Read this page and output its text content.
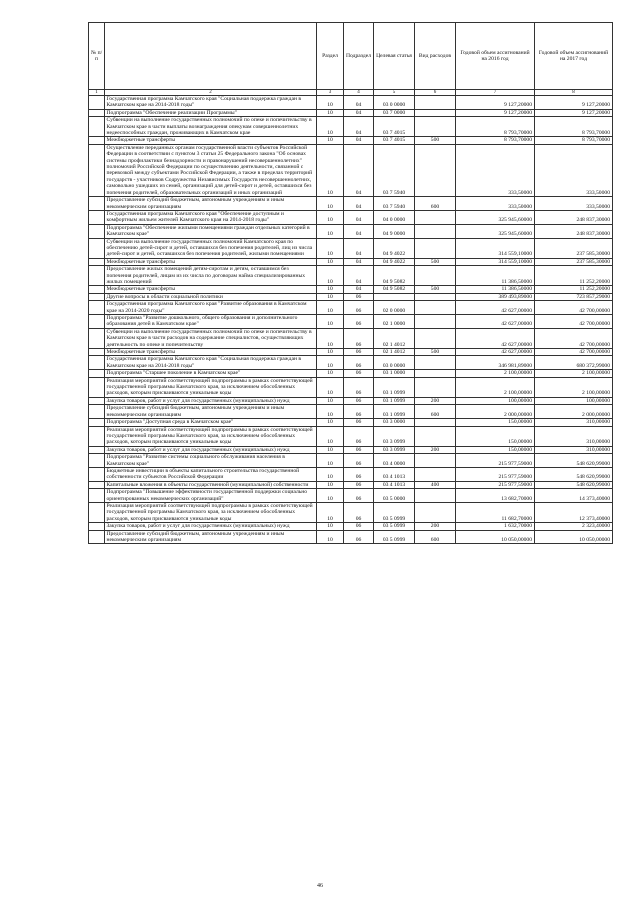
№ п/п		Раздел	Подраздел	Целевая статья	Вид расходов	Годовой объем ассигнований на 2016 год	Годовой объем ассигнований на 2017 год
1	2	3	4	5	6	7	8
	Государственная программа Камчатского края "Социальная поддержка граждан в Камчатском крае на 2014-2018 годы"	10	04	03 0 0000		9 127,20000	9 127,20000
	Подпрограмма "Обеспечение реализации Программы"	10	04	03 7 0000		9 127,20000	9 127,20000
	Субвенции на выполнение государственных полномочий по опеке и попечительству в Камчатском крае в части выплаты вознаграждения опекунам совершеннолетних недееспособных граждан, проживающих в Камчатском крае	10	04	03 7 4015		8 793,70000	8 793,70000
	Межбюджетные трансферты	10	04	03 7 4015	500	8 793,70000	8 793,70000
	Осуществление переданных органам государственной власти субъектов Российской Федерации в соответствии с пунктом 3 статьи 25 Федерального закона "Об основах системы профилактики безнадзорности и правонарушений несовершеннолетних" полномочий Российской Федерации по осуществлению деятельности, связанной с перевозкой между субъектами Российской Федерации, а также в пределах территорий государств - участников Содружества Независимых Государств несовершеннолетних, самовольно ушедших из семей, организаций для детей-сирот и детей, оставшихся без попечения родителей, образовательных организаций и иных организаций	10	04	03 7 5940		333,50000	333,50000
	Предоставление субсидий бюджетным, автономным учреждениям и иным некоммерческим организациям	10	04	03 7 5940	600	333,50000	333,50000
	Государственная программа Камчатского края "Обеспечение доступным и комфортным жильем жителей Камчатского края на 2014-2018 годы"	10	04	04 0 0000		325 945,60000	248 837,30000
	Подпрограмма "Обеспечение жилыми помещениями граждан отдельных категорий в Камчатском крае"	10	04	04 9 0000		325 945,60000	248 837,30000
	Субвенции на выполнение государственных полномочий Камчатского края по обеспечению детей-сирот и детей, оставшихся без попечения родителей, лиц из числа детей-сирот и детей, оставшихся без попечения родителей, жилыми помещениями	10	04	04 9 4022		314 559,10000	237 585,30000
	Межбюджетные трансферты	10	04	04 9 4022	500	314 559,10000	237 585,30000
	Предоставление жилых помещений детям-сиротам и детям, оставшимся без попечения родителей, лицам из их числа по договорам найма специализированных жилых помещений	10	04	04 9 5082		11 386,50000	11 252,20000
	Межбюджетные трансферты	10	04	04 9 5082	500	11 386,50000	11 252,20000
	Другие вопросы в области социальной политики	10	06			389 493,89000	723 857,29000
	Государственная программа Камчатского края "Развитие образования в Камчатском крае на 2014-2020 годы"	10	06	02 0 0000		42 627,00000	42 700,00000
	Подпрограмма "Развитие дошкольного, общего образования и дополнительного образования детей в Камчатском крае"	10	06	02 1 0000		42 627,00000	42 700,00000
	Субвенции на выполнение государственных полномочий по опеке и попечительству в Камчатском крае в части расходов на содержание специалистов, осуществляющих деятельность по опеке и попечительству	10	06	02 1 4012		42 627,00000	42 700,00000
	Межбюджетные трансферты	10	06	02 1 4012	500	42 627,00000	42 700,00000
	Государственная программа Камчатского края "Социальная поддержка граждан в Камчатском крае на 2014-2018 годы"	10	06	03 0 0000		346 981,89000	680 372,99000
	Подпрограмма "Старшее поколение в Камчатском крае"	10	06	03 1 0000		2 100,00000	2 100,00000
	Реализация мероприятий соответствующей подпрограммы в рамках соответствующей государственной программы Камчатского края, за исключением обособленных расходов, которым присваиваются уникальные коды	10	06	03 1 0999		2 100,00000	2 100,00000
	Закупка товаров, работ и услуг для государственных (муниципальных) нужд	10	06	03 1 0999	200	100,00000	100,00000
	Предоставление субсидий бюджетным, автономным учреждениям и иным некоммерческим организациям	10	06	03 1 0999	600	2 000,00000	2 000,00000
	Подпрограмма "Доступная среда в Камчатском крае"	10	06	03 3 0000		150,00000	310,00000
	Реализация мероприятий соответствующей подпрограммы в рамках соответствующей государственной программы Камчатского края, за исключением обособленных расходов, которым присваиваются уникальные коды	10	06	03 3 0999		150,00000	310,00000
	Закупка товаров, работ и услуг для государственных (муниципальных) нужд	10	06	03 3 0999	200	150,00000	310,00000
	Подпрограмма "Развитие системы социального обслуживания населения в Камчатском крае"	10	06	03 4 0000		215 977,59000	548 620,99000
	Бюджетные инвестиции в объекты капитального строительства государственной собственности субъектов Российской Федерации	10	06	03 4 1013		215 977,59000	548 620,99000
	Капитальные вложения в объекты государственной (муниципальной) собственности	10	06	03 4 1013	400	215 977,59000	548 620,99000
	Подпрограмма "Повышение эффективности государственной поддержки социально ориентированных некоммерческих организаций"	10	06	03 5 0000		13 682,70000	14 373,40000
	Реализация мероприятий соответствующей подпрограммы в рамках соответствующей государственной программы Камчатского края, за исключением обособленных расходов, которым присваиваются уникальные коды	10	06	03 5 0999		11 682,70000	12 373,40000
	Закупка товаров, работ и услуг для государственных (муниципальных) нужд	10	06	03 5 0999	200	1 632,70000	2 323,40000
	Предоставление субсидий бюджетным, автономным учреждениям и иным некоммерческим организациям	10	06	03 5 0999	600	10 050,00000	10 050,00000
46
